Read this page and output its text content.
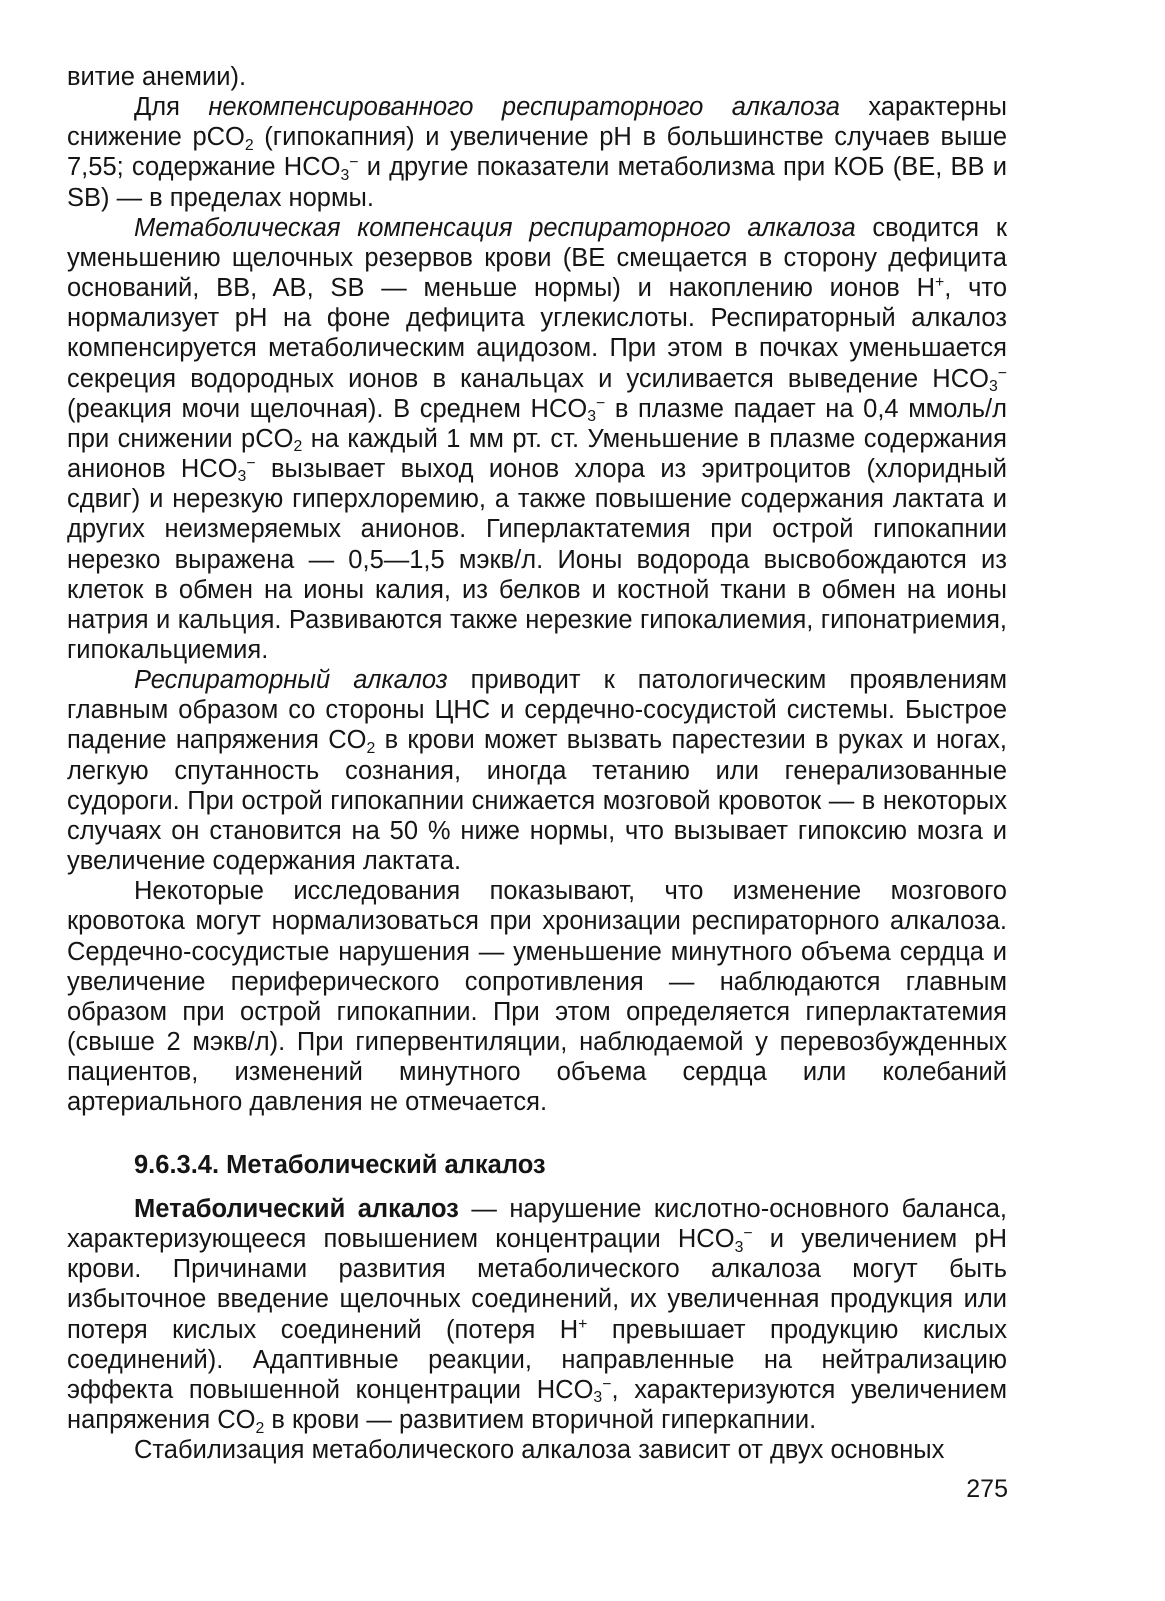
витие анемии).

Для некомпенсированного респираторного алкалоза характерны снижение pCO$_2$ (гипокапния) и увеличение pH в большинстве случаев выше 7,55; содержание $HCO_3^-$ и другие показатели метаболизма при КОБ (BE, BB и SB) — в пределах нормы.

Метаболическая компенсация респираторного алкалоза сводится к уменьшению щелочных резервов крови (BE смещается в сторону дефицита оснований, BB, AB, SB — меньше нормы) и накоплению ионов H+, что нормализует pH на фоне дефицита углекислоты. Респираторный алкалоз компенсируется метаболическим ацидозом. При этом в почках уменьшается секреция водородных ионов в канальцах и усиливается выведение $HCO_3^-$ (реакция мочи щелочная). В среднем $HCO_3^-$ в плазме падает на 0,4 ммоль/л при снижении pCO$_2$ на каждый 1 мм рт. ст. Уменьшение в плазме содержания анионов $HCO_3^-$ вызывает выход ионов хлора из эритроцитов (хлоридный сдвиг) и нерезкую гиперхлоремию, а также повышение содержания лактата и других неизмеряемых анионов. Гиперлактатемия при острой гипокапнии нерезко выражена — 0,5—1,5 мэкв/л. Ионы водорода высвобождаются из клеток в обмен на ионы калия, из белков и костной ткани в обмен на ионы натрия и кальция. Развиваются также нерезкие гипокалиемия, гипонатриемия, гипокальциемия.

Респираторный алкалоз приводит к патологическим проявлениям главным образом со стороны ЦНС и сердечно-сосудистой системы. Быстрое падение напряжения $CO_2$ в крови может вызвать парестезии в руках и ногах, легкую спутанность сознания, иногда тетанию или генерализованные судороги. При острой гипокапнии снижается мозговой кровоток — в некоторых случаях он становится на 50 % ниже нормы, что вызывает гипоксию мозга и увеличение содержания лактата.

Некоторые исследования показывают, что изменение мозгового кровотока могут нормализоваться при хронизации респираторного алкалоза. Сердечно-сосудистые нарушения — уменьшение минутного объема сердца и увеличение периферического сопротивления — наблюдаются главным образом при острой гипокапнии. При этом определяется гиперлактатемия (свыше 2 мэкв/л). При гипервентиляции, наблюдаемой у перевозбужденных пациентов, изменений минутного объема сердца или колебаний артериального давления не отмечается.

9.6.3.4. Метаболический алкалоз

Метаболический алкалоз — нарушение кислотно-основного баланса, характеризующееся повышением концентрации $HCO_3^-$ и увеличением pH крови. Причинами развития метаболического алкалоза могут быть избыточное введение щелочных соединений, их увеличенная продукция или потеря кислых соединений (потеря H+ превышает продукцию кислых соединений). Адаптивные реакции, направленные на нейтрализацию эффекта повышенной концентрации $HCO_3^-$, характеризуются увеличением напряжения $CO_2$ в крови — развитием вторичной гиперкапнии.

Стабилизация метаболического алкалоза зависит от двух основных

275
